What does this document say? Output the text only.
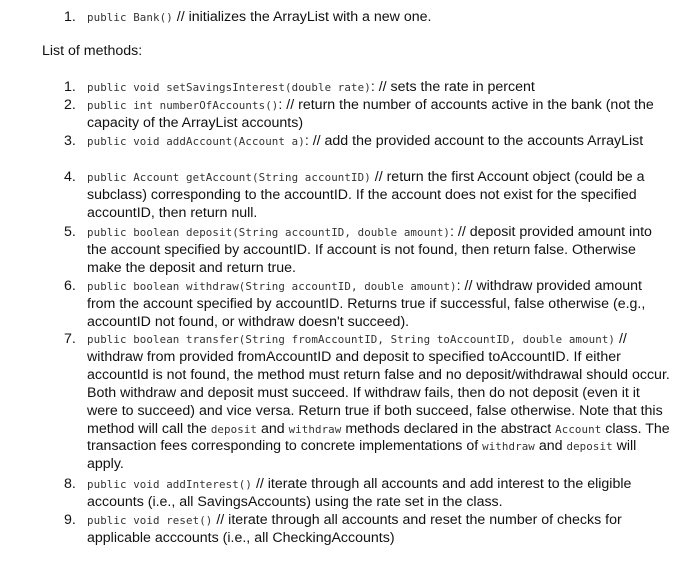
1.	public Bank() // initializes the ArrayList with a new one.
List of methods:
1.	public void setSavingsInterest(double rate): // sets the rate in percent
2.	public int numberOfAccounts(): // return the number of accounts active in the bank (not the capacity of the ArrayList accounts)
3.	public void addAccount(Account a): // add the provided account to the accounts ArrayList
4.	public Account getAccount(String accountID) // return the first Account object (could be a subclass) corresponding to the accountID. If the account does not exist for the specified accountID, then return null.
5.	public boolean deposit(String accountID, double amount): // deposit provided amount into the account specified by accountID. If account is not found, then return false. Otherwise make the deposit and return true.
6.	public boolean withdraw(String accountID, double amount): // withdraw provided amount from the account specified by accountID. Returns true if successful, false otherwise (e.g., accountID not found, or withdraw doesn't succeed).
7.	public boolean transfer(String fromAccountID, String toAccountID, double amount) // withdraw from provided fromAccountID and deposit to specified toAccountID. If either accountId is not found, the method must return false and no deposit/withdrawal should occur. Both withdraw and deposit must succeed. If withdraw fails, then do not deposit (even it it were to succeed) and vice versa. Return true if both succeed, false otherwise. Note that this method will call the deposit and withdraw methods declared in the abstract Account class. The transaction fees corresponding to concrete implementations of withdraw and deposit will apply.
8.	public void addInterest() // iterate through all accounts and add interest to the eligible accounts (i.e., all SavingsAccounts) using the rate set in the class.
9.	public void reset() // iterate through all accounts and reset the number of checks for applicable acccounts (i.e., all CheckingAccounts)
